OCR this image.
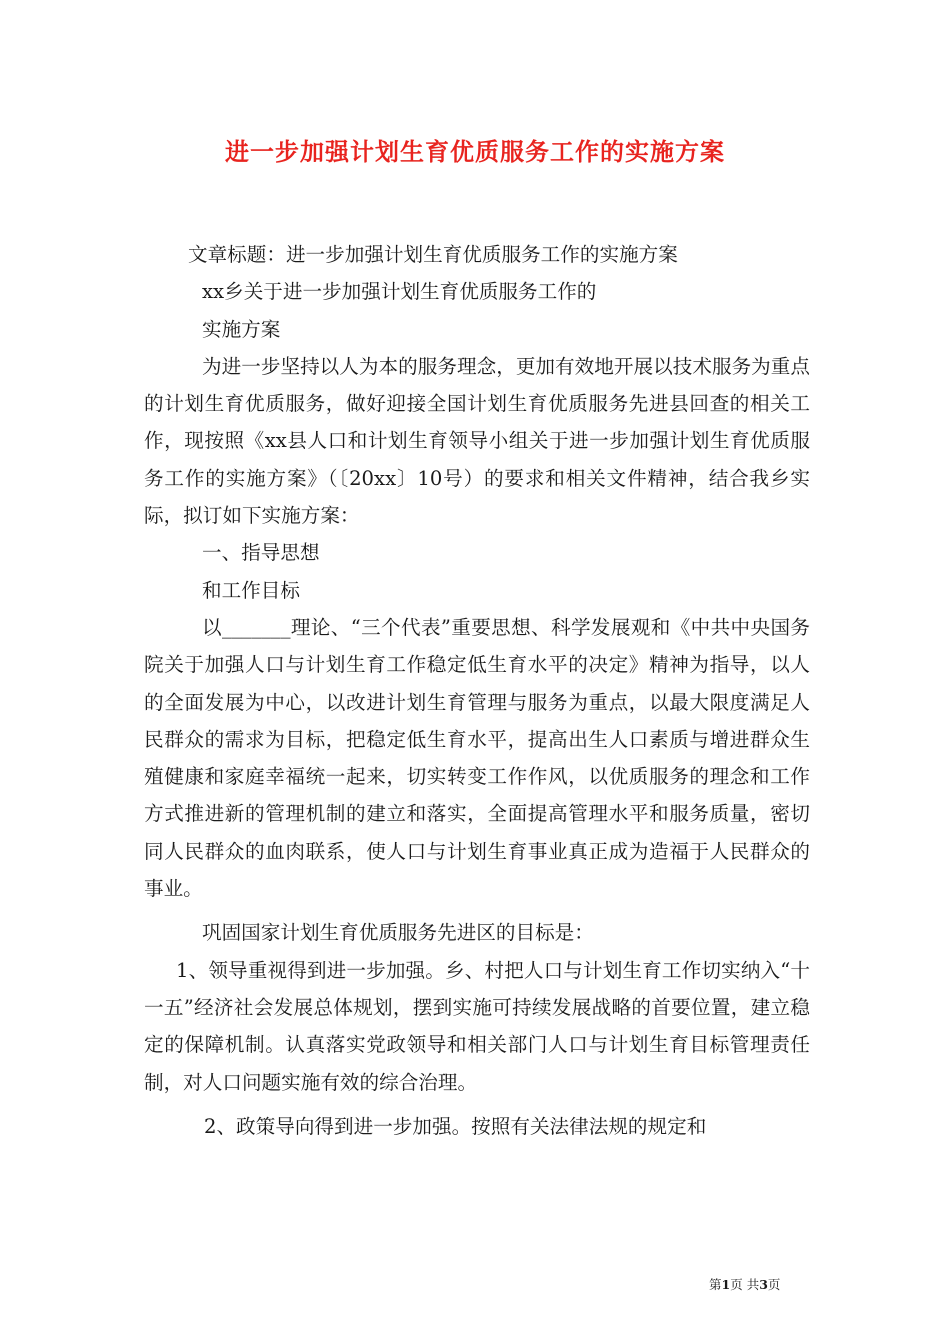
进一步加强计划生育优质服务工作的实施方案

文章标题：进一步加强计划生育优质服务工作的实施方案

xx乡关于进一步加强计划生育优质服务工作的

实施方案

为进一步坚持以人为本的服务理念，更加有效地开展以技术服务为重点的计划生育优质服务，做好迎接全国计划生育优质服务先进县回查的相关工作，现按照《xx县人口和计划生育领导小组关于进一步加强计划生育优质服务工作的实施方案》（〔20xx〕10号）的要求和相关文件精神，结合我乡实际，拟订如下实施方案：

一、指导思想

和工作目标

以_______理论、“三个代表”重要思想、科学发展观和《中共中央国务院关于加强人口与计划生育工作稳定低生育水平的决定》精神为指导，以人的全面发展为中心，以改进计划生育管理与服务为重点，以最大限度满足人民群众的需求为目标，把稳定低生育水平，提高出生人口素质与增进群众生殖健康和家庭幸福统一起来，切实转变工作作风，以优质服务的理念和工作方式推进新的管理机制的建立和落实，全面提高管理水平和服务质量，密切同人民群众的血肉联系，使人口与计划生育事业真正成为造福于人民群众的事业。

巩固国家计划生育优质服务先进区的目标是：

1、领导重视得到进一步加强。乡、村把人口与计划生育工作切实纳入“十一五”经济社会发展总体规划，摆到实施可持续发展战略的首要位置，建立稳定的保障机制。认真落实党政领导和相关部门人口与计划生育目标管理责任制，对人口问题实施有效的综合治理。

2、政策导向得到进一步加强。按照有关法律法规的规定和

第1页 共3页
